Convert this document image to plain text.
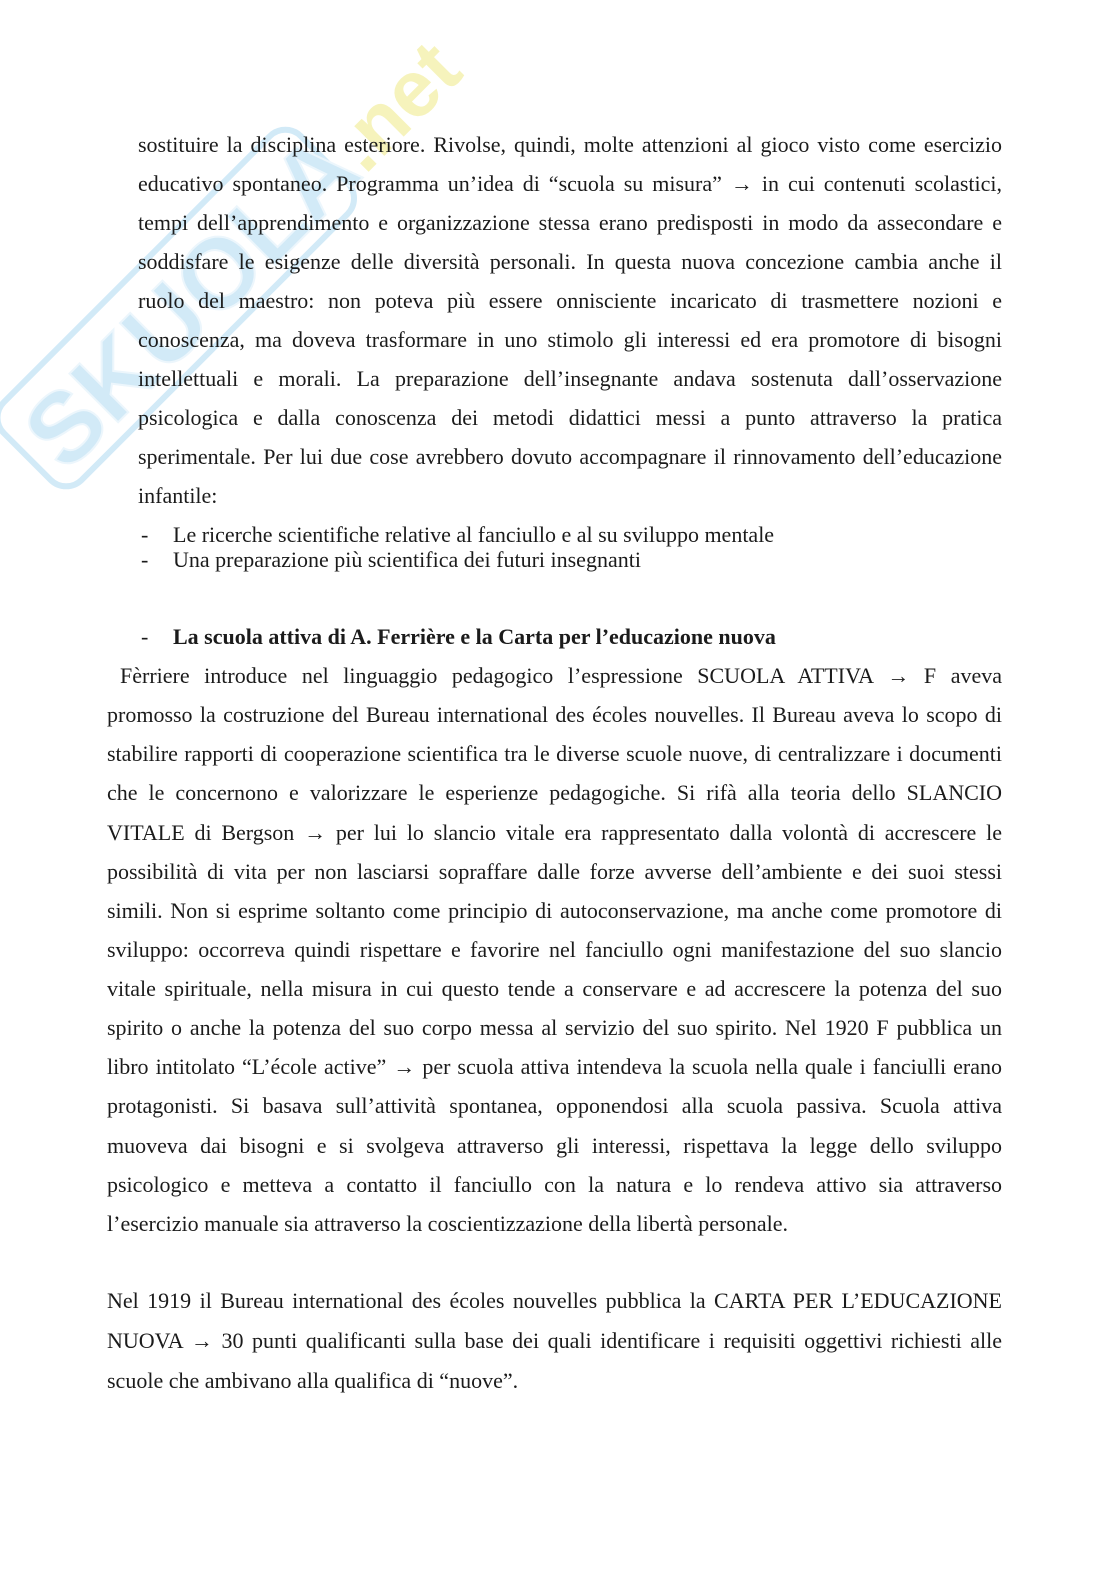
SKUOLA.net
sostituire la disciplina esteriore. Rivolse, quindi, molte attenzioni al gioco visto come esercizio
educativo spontaneo. Programma un’idea di “scuola su misura” → in cui contenuti scolastici,
tempi dell’apprendimento e organizzazione stessa erano predisposti in modo da assecondare e
soddisfare le esigenze delle diversità personali. In questa nuova concezione cambia anche il
ruolo del maestro: non poteva più essere onnisciente incaricato di trasmettere nozioni e
conoscenza, ma doveva trasformare in uno stimolo gli interessi ed era promotore di bisogni
intellettuali e morali. La preparazione dell’insegnante andava sostenuta dall’osservazione
psicologica e dalla conoscenza dei metodi didattici messi a punto attraverso la pratica
sperimentale. Per lui due cose avrebbero dovuto accompagnare il rinnovamento dell’educazione
infantile:
- Le ricerche scientifiche relative al fanciullo e al su sviluppo mentale
- Una preparazione più scientifica dei futuri insegnanti
- La scuola attiva di A. Ferrière e la Carta per l’educazione nuova
Fèrriere introduce nel linguaggio pedagogico l’espressione SCUOLA ATTIVA → F aveva
promosso la costruzione del Bureau international des écoles nouvelles. Il Bureau aveva lo scopo di
stabilire rapporti di cooperazione scientifica tra le diverse scuole nuove, di centralizzare i documenti
che le concernono e valorizzare le esperienze pedagogiche. Si rifà alla teoria dello SLANCIO
VITALE di Bergson → per lui lo slancio vitale era rappresentato dalla volontà di accrescere le
possibilità di vita per non lasciarsi sopraffare dalle forze avverse dell’ambiente e dei suoi stessi
simili. Non si esprime soltanto come principio di autoconservazione, ma anche come promotore di
sviluppo: occorreva quindi rispettare e favorire nel fanciullo ogni manifestazione del suo slancio
vitale spirituale, nella misura in cui questo tende a conservare e ad accrescere la potenza del suo
spirito o anche la potenza del suo corpo messa al servizio del suo spirito. Nel 1920 F pubblica un
libro intitolato “L’école active” → per scuola attiva intendeva la scuola nella quale i fanciulli erano
protagonisti. Si basava sull’attività spontanea, opponendosi alla scuola passiva. Scuola attiva
muoveva dai bisogni e si svolgeva attraverso gli interessi, rispettava la legge dello sviluppo
psicologico e metteva a contatto il fanciullo con la natura e lo rendeva attivo sia attraverso
l’esercizio manuale sia attraverso la coscientizzazione della libertà personale.
Nel 1919 il Bureau international des écoles nouvelles pubblica la CARTA PER L’EDUCAZIONE
NUOVA → 30 punti qualificanti sulla base dei quali identificare i requisiti oggettivi richiesti alle
scuole che ambivano alla qualifica di “nuove”.
